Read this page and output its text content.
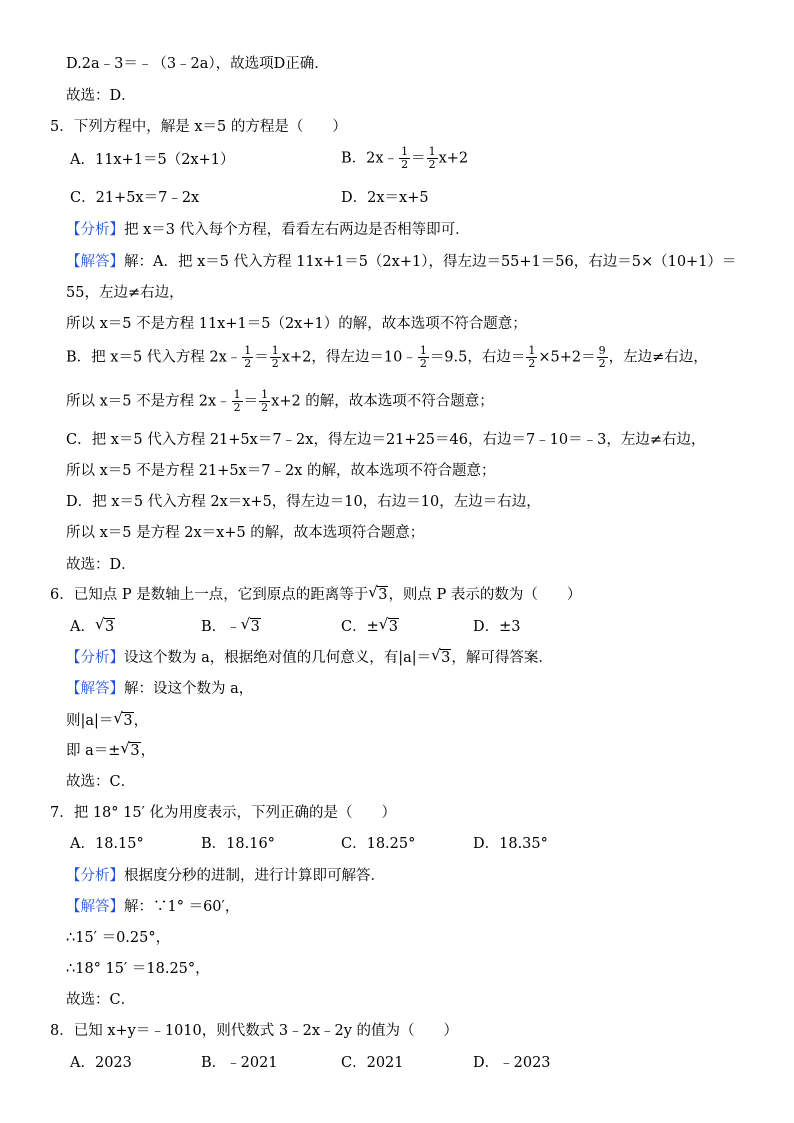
D.2a﹣3＝﹣（3﹣2a），故选项D正确．
故选：D．
5．下列方程中，解是 x＝5 的方程是（　　）
A．11x+1＝5（2x+1）	B．2x﹣ $\frac{1}{2} = \frac{1}{2} x+2$
C．21+5x＝7﹣2x	D．2x＝x+5
【分析】把 x＝3 代入每个方程，看看左右两边是否相等即可．
【解答】解：A．把 x＝5 代入方程 11x+1＝5（2x+1），得左边＝55+1＝56，右边＝5×（10+1）＝
55，左边≠右边，
所以 x＝5 不是方程 11x+1＝5（2x+1）的解，故本选项不符合题意；
B．把 x＝5 代入方程 2x﹣ $\frac{1}{2} = \frac{1}{2} x+2$，得左边＝10﹣ $\frac{1}{2} =9.5$，右边＝ $\frac{1}{2} \times 5+2= \frac{9}{2}$ ，左边≠右边，
所以 x＝5 不是方程 2x﹣ $\frac{1}{2} = \frac{1}{2} x+2$ 的解，故本选项不符合题意；
C．把 x＝5 代入方程 21+5x＝7﹣2x，得左边＝21+25＝46，右边＝7﹣10＝﹣3，左边≠右边，
所以 x＝5 不是方程 21+5x＝7﹣2x 的解，故本选项不符合题意；
D．把 x＝5 代入方程 2x＝x+5，得左边＝10，右边＝10，左边＝右边，
所以 x＝5 是方程 2x＝x+5 的解，故本选项符合题意；
故选：D．
6．已知点 P 是数轴上一点，它到原点的距离等于 √ 3，则点 P 表示的数为（　　）
A． √ 3	B．﹣ √ 3	C．± √ 3	D．±3
【分析】设这个数为 a，根据绝对值的几何意义，有|a|＝ √ 3，解可得答案．
【解答】解：设这个数为 a，
则|a|＝ √ 3，
即 a＝± √ 3，
故选：C．
7．把 18° 15′ 化为用度表示，下列正确的是（　　）
A．18.15°	B．18.16°	C．18.25°	D．18.35°
【分析】根据度分秒的进制，进行计算即可解答．
【解答】解：∵1° ＝60′，
∴15′ ＝0.25°，
∴18° 15′ ＝18.25°，
故选：C．
8．已知 x+y＝﹣1010，则代数式 3﹣2x﹣2y 的值为（　　）
A．2023	B．﹣2021	C．2021	D．﹣2023
